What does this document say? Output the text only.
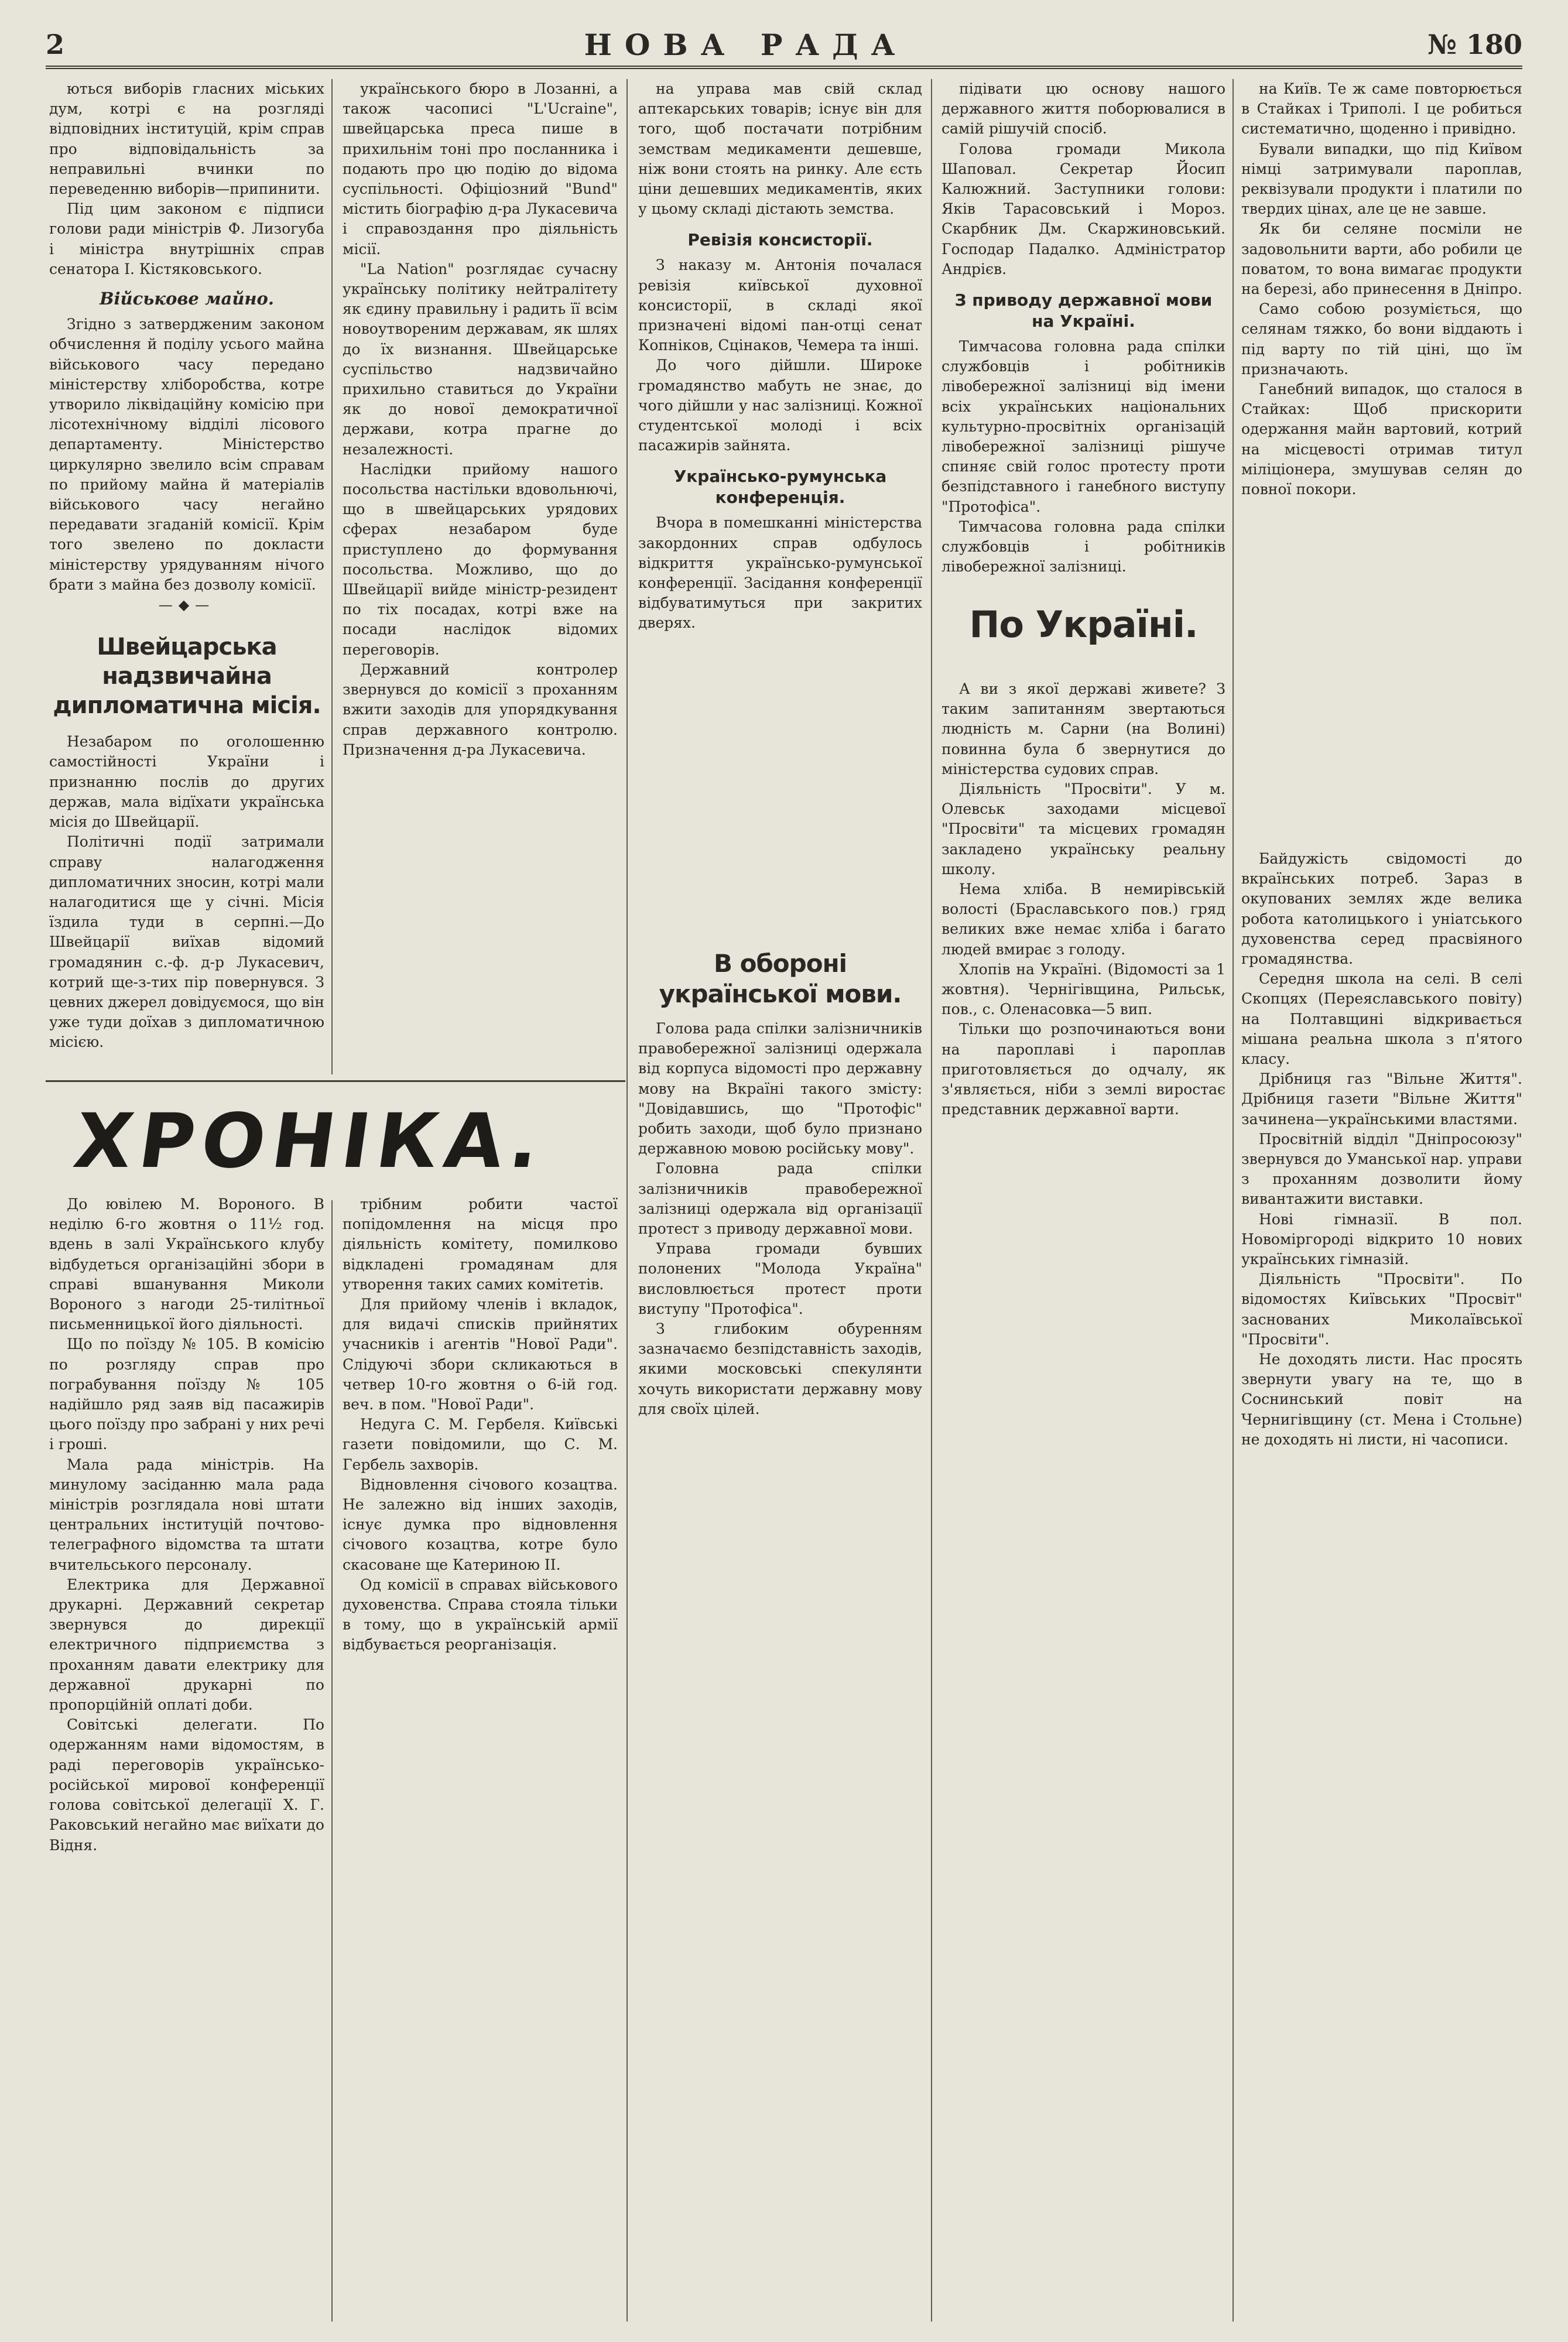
2	НОВА РАДА	№ 180

ються виборів гласних міських дум, котрі є на розгляді відповідних інституцій, крім справ про відповідальність за неправильні вчинки по переведенню виборів—припинити.

Під цим законом є підписи голови ради міністрів Ф. Лизогуба і міністра внутрішніх справ сенатора І. Кістяковського.

Військове майно.

Згідно з затвердженим законом обчислення й поділу усього майна військового часу передано міністерству хліборобства, котре утворило ліквідаційну комісію при лісотехнічному відділі лісового департаменту. Міністерство циркулярно звелило всім справам по прийому майна й матеріалів військового часу негайно передавати згаданій комісії. Крім того звелено по докласти міністерству урядуванням нічого брати з майна без дозволу комісії.

—◆—
Швейцарська надзвичайна дипломатична місія.

Незабаром по оголошенню самостійності України і признанню послів до других держав, мала відїхати українська місія до Швейцарії.

Політичні події затримали справу налагодження дипломатичних зносин, котрі мали налагодитися ще у січні. Місія їздила туди в серпні.—До Швейцарії виїхав відомий громадянин с.-ф. д-р Лукасевич, котрий ще-з-тих пір повернувся. З цевних джерел довідуємося, що він уже туди доїхав з дипломатичною місією.

українського бюро в Лозанні, а також часописі "L'Ucraine", швейцарська преса пише в прихильнім тоні про посланника і подають про цю подію до відома суспільності. Офіціозний "Bund" містить біографію д-ра Лукасевича і справоздання про діяльність місії.

"La Nation" розглядає сучасну українську політику нейтралітету як єдину правильну і радить її всім новоутвореним державам, як шлях до їх визнання. Швейцарське суспільство надзвичайно прихильно ставиться до України як до нової демократичної держави, котра прагне до незалежності.

Наслідки прийому нашого посольства настільки вдовольнючі, що в швейцарських урядових сферах незабаром буде приступлено до формування посольства. Можливо, що до Швейцарії вийде міністр-резидент по тіх посадах, котрі вже на посади наслідок відомих переговорів.

Державний контролер звернувся до комісії з проханням вжити заходів для упорядкування справ державного контролю. Призначення д-ра Лукасевича.

на управа мав свій склад аптекарських товарів; існує він для того, щоб постачати потрібним земствам медикаменти дешевше, ніж вони стоять на ринку. Але єсть ціни дешевших медикаментів, яких у цьому складі дістають земства.

Ревізія консисторії.

З наказу м. Антонія почалася ревізія київської духовної консисторії, в складі якої призначені відомі пан-отці сенат Копніков, Сцінаков, Чемера та інші.

До чого дійшли. Широке громадянство мабуть не знає, до чого дійшли у нас залізниці. Кожної студентської молоді і всіх пасажирів зайнята.

Українсько-румунська конференція.

Вчора в помешканні міністерства закордонних справ одбулось відкриття українсько-румунської конференції. Засідання конференції відбуватимуться при закритих дверях.

В обороні української мови.

підівати цю основу нашого державного життя поборювалися в самій рішучій спосіб.

Голова громади Микола Шаповал. Секретар Йосип Калюжний. Заступники голови: Яків Тарасовський і Мороз. Скарбник Дм. Скаржиновський. Господар Падалко. Адміністратор Андрієв.

З приводу державної мови на Україні.

Тимчасова головна рада спілки службовців і робітників лівобережної залізниці від імени всіх українських національних культурно-просвітніх організацій лівобережної залізниці рішуче спиняє свій голос протесту проти безпідставного і ганебного виступу "Протофіса".

Тимчасова головна рада спілки службовців і робітників лівобережної залізниці.

По Україні.

на Київ. Те ж саме повторюється в Стайках і Триполі. І це робиться систематично, щоденно і привідно.

Бували випадки, що під Київом німці затримували пароплав, реквізували продукти і платили по твердих цінах, але це не завше.

Як би селяне посміли не задовольнити варти, або робили це поватом, то вона вимагає продукти на березі, або принесення в Дніпро.

Само собою розуміється, що селянам тяжко, бо вони віддають і під варту по тій ціні, що їм призначають.

Ганебний випадок, що сталося в Стайках: Щоб прискорити одержання майн вартовий, котрий на місцевості отримав титул міліціонера, змушував селян до повної покори.

ХРОНІКА.

До ювілею М. Вороного. В неділю 6-го жовтня о 11½ год. вдень в залі Українського клубу відбудеться організаційні збори в справі вшанування Миколи Вороного з нагоди 25-тилітньої письменницької його діяльності.

Що по поїзду № 105. В комісію по розгляду справ про пограбування поїзду № 105 надійшло ряд заяв від пасажирів цього поїзду про забрані у них речі і гроші.

Мала рада міністрів. На минулому засіданню мала рада міністрів розглядала нові штати центральних інституцій почтово-телеграфного відомства та штати вчительського персоналу.

Електрика для Державної друкарні. Державний секретар звернувся до дирекції електричного підприємства з проханням давати електрику для державної друкарні по пропорційній оплаті доби.

Совітські делегати. По одержанням нами відомостям, в раді переговорів українсько-російської мирової конференції голова совітської делегації Х. Г. Раковський негайно має виїхати до Відня.

трібним робити частої попідомлення на місця про діяльність комітету, помилково відкладені громадянам для утворення таких самих комітетів.

Для прийому членів і вкладок, для видачі списків прийнятих учасників і агентів "Нової Ради". Слідуючі збори скликаються в четвер 10-го жовтня о 6-ій год. веч. в пом. "Нової Ради".

Недуга С. М. Гербеля. Київські газети повідомили, що С. М. Гербель захворів.

Відновлення січового козацтва. Не залежно від інших заходів, існує думка про відновлення січового козацтва, котре було скасоване ще Катериною II.

Од комісії в справах військового духовенства. Справа стояла тільки в тому, що в українській армії відбувається реорганізація.

Голова рада спілки залізничників правобережної залізниці одержала від корпуса відомості про державну мову на Вкраїні такого змісту: "Довідавшись, що "Протофіс" робить заходи, щоб було признано державною мовою російську мову".

Головна рада спілки залізничників правобережної залізниці одержала від організації протест з приводу державної мови.

Управа громади бувших полонених "Молода Україна" висловлюється протест проти виступу "Протофіса".

З глибоким обуренням зазначаємо безпідставність заходів, якими московські спекулянти хочуть використати державну мову для своїх цілей.

А ви з якої державі живете? З таким запитанням звертаються людність м. Сарни (на Волині) повинна була б звернутися до міністерства судових справ.

Діяльність "Просвіти". У м. Олевськ заходами місцевої "Просвіти" та місцевих громадян закладено українську реальну школу.

Нема хліба. В немирівській волості (Браславського пов.) гряд великих вже немає хліба і багато людей вмирає з голоду.

Хлопів на Україні. (Відомості за 1 жовтня). Чернігівщина, Рильськ, пов., с. Оленасовка—5 вип.

Тільки що розпочинаються вони на пароплаві і пароплав приготовляється до одчалу, як з'являється, ніби з землі виростає представник державної варти.

Байдужість свідомості до вкраїнських потреб. Зараз в окупованих землях жде велика робота католицького і уніатського духовенства серед прасвіяного громадянства.

Середня школа на селі. В селі Скопцях (Переяславського повіту) на Полтавщині відкривається мішана реальна школа з п'ятого класу.

Дрібниця газ "Вільне Життя". Дрібниця газети "Вільне Життя" зачинена—українськими властями.

Просвітній відділ "Дніпросоюзу" звернувся до Уманської нар. управи з проханням дозволити йому вивантажити виставки.

Нові гімназії. В пол. Новоміргороді відкрито 10 нових українських гімназій.

Діяльність "Просвіти". По відомостях Київських "Просвіт" заснованих Миколаївської "Просвіти".

Не доходять листи. Нас просять звернути увагу на те, що в Соснинський повіт на Чернигівщину (ст. Мена і Стольне) не доходять ні листи, ні часописи.
